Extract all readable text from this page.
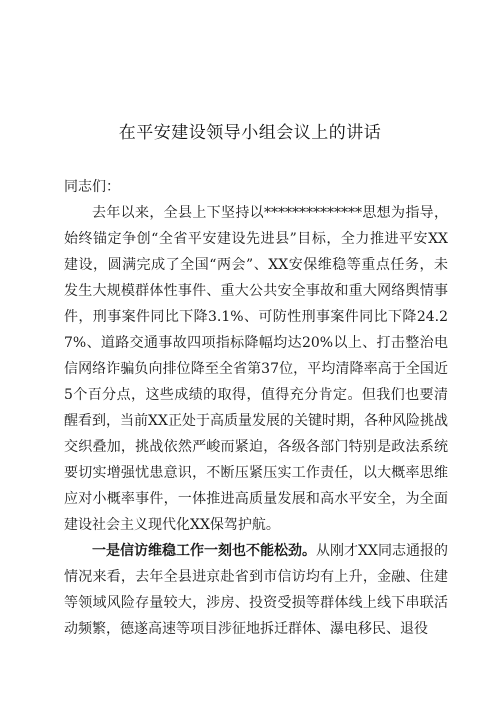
在平安建设领导小组会议上的讲话

同志们：

去年以来，全县上下坚持以**************思想为指导，始终锚定争创“全省平安建设先进县”目标，全力推进平安XX建设，圆满完成了全国“两会”、XX安保维稳等重点任务，未发生大规模群体性事件、重大公共安全事故和重大网络舆情事件，刑事案件同比下降3.1%、可防性刑事案件同比下降24.27%、道路交通事故四项指标降幅均达20%以上、打击整治电信网络诈骗负向排位降至全省第37位，平均清降率高于全国近5个百分点，这些成绩的取得，值得充分肯定。但我们也要清醒看到，当前XX正处于高质量发展的关键时期，各种风险挑战交织叠加，挑战依然严峻而紧迫，各级各部门特别是政法系统要切实增强忧患意识，不断压紧压实工作责任，以大概率思维应对小概率事件，一体推进高质量发展和高水平安全，为全面建设社会主义现代化XX保驾护航。

一是信访维稳工作一刻也不能松劲。从刚才XX同志通报的情况来看，去年全县进京赴省到市信访均有上升，金融、住建等领域风险存量较大，涉房、投资受损等群体线上线下串联活动频繁，德遂高速等项目涉征地拆迁群体、瀑电移民、退役
